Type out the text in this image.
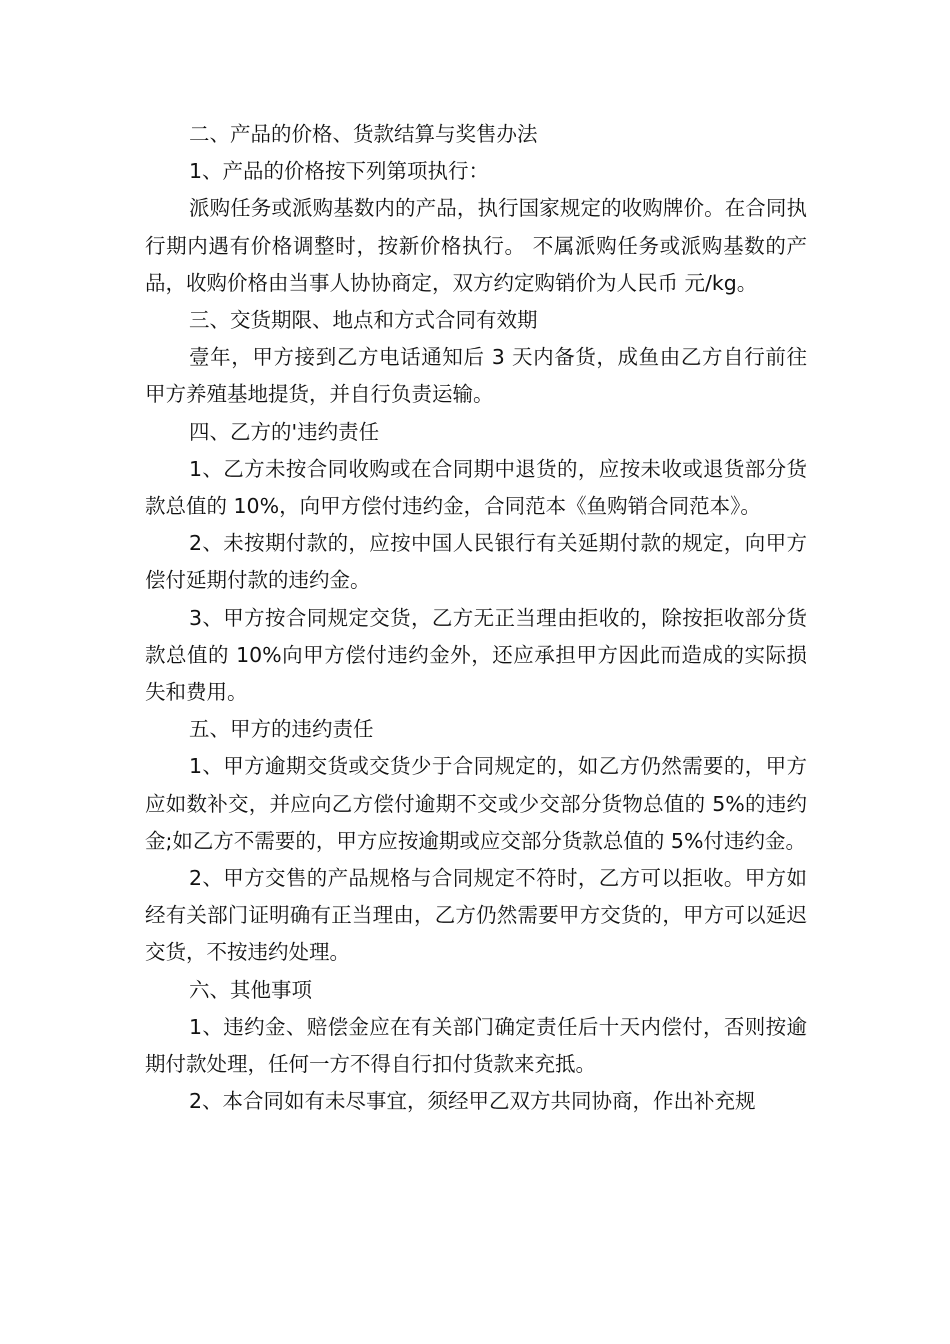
二、产品的价格、货款结算与奖售办法

1、产品的价格按下列第项执行：

派购任务或派购基数内的产品，执行国家规定的收购牌价。在合同执行期内遇有价格调整时，按新价格执行。 不属派购任务或派购基数的产品，收购价格由当事人协协商定，双方约定购销价为人民币 元/kg。

三、交货期限、地点和方式合同有效期

壹年，甲方接到乙方电话通知后 3 天内备货，成鱼由乙方自行前往甲方养殖基地提货，并自行负责运输。

四、乙方的'违约责任

1、乙方未按合同收购或在合同期中退货的，应按未收或退货部分货款总值的 10%，向甲方偿付违约金，合同范本《鱼购销合同范本》。

2、未按期付款的，应按中国人民银行有关延期付款的规定，向甲方偿付延期付款的违约金。

3、甲方按合同规定交货，乙方无正当理由拒收的，除按拒收部分货款总值的 10%向甲方偿付违约金外，还应承担甲方因此而造成的实际损失和费用。

五、甲方的违约责任

1、甲方逾期交货或交货少于合同规定的，如乙方仍然需要的，甲方应如数补交，并应向乙方偿付逾期不交或少交部分货物总值的 5%的违约金;如乙方不需要的，甲方应按逾期或应交部分货款总值的 5%付违约金。

2、甲方交售的产品规格与合同规定不符时，乙方可以拒收。甲方如经有关部门证明确有正当理由，乙方仍然需要甲方交货的，甲方可以延迟交货，不按违约处理。

六、其他事项

1、违约金、赔偿金应在有关部门确定责任后十天内偿付，否则按逾期付款处理，任何一方不得自行扣付货款来充抵。

2、本合同如有未尽事宜，须经甲乙双方共同协商，作出补充规
